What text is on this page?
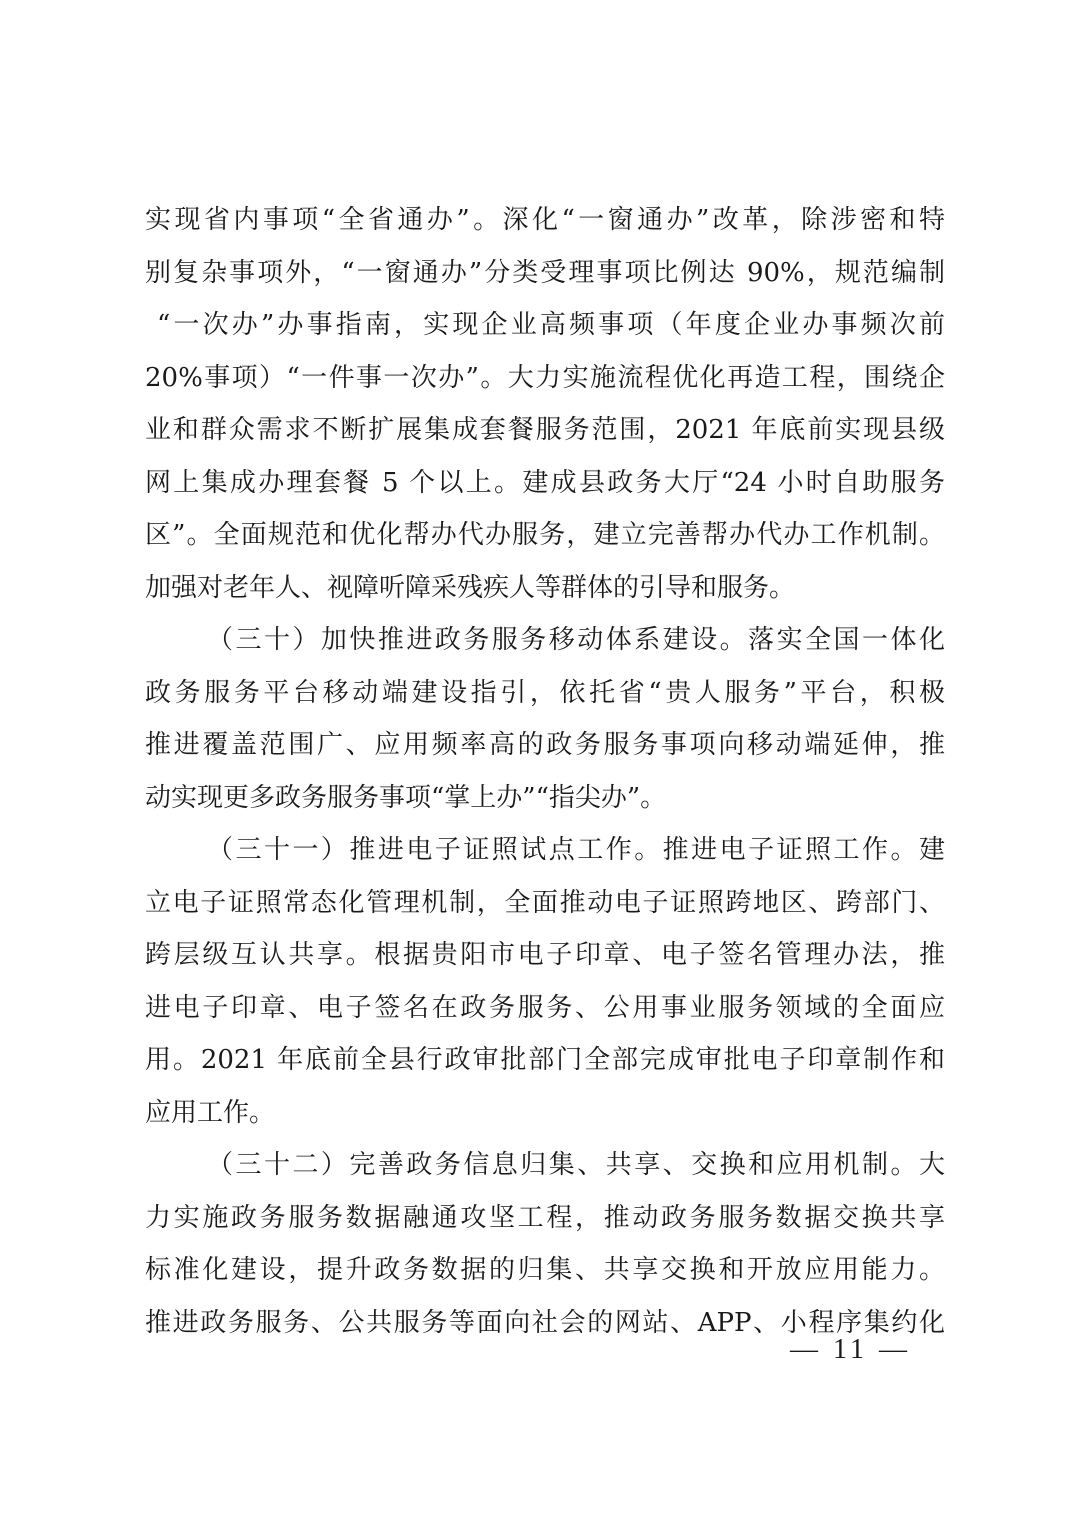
实现省内事项“全省通办”。深化“一窗通办”改革，除涉密和特
别复杂事项外，“一窗通办”分类受理事项比例达 90%，规范编制
“一次办”办事指南，实现企业高频事项（年度企业办事频次前
20%事项）“一件事一次办”。大力实施流程优化再造工程，围绕企
业和群众需求不断扩展集成套餐服务范围，2021 年底前实现县级
网上集成办理套餐 5 个以上。建成县政务大厅“24 小时自助服务
区”。全面规范和优化帮办代办服务，建立完善帮办代办工作机制。
加强对老年人、视障听障采残疾人等群体的引导和服务。
（三十）加快推进政务服务移动体系建设。落实全国一体化
政务服务平台移动端建设指引，依托省“贵人服务”平台，积极
推进覆盖范围广、应用频率高的政务服务事项向移动端延伸，推
动实现更多政务服务事项“掌上办”“指尖办”。
（三十一）推进电子证照试点工作。推进电子证照工作。建
立电子证照常态化管理机制，全面推动电子证照跨地区、跨部门、
跨层级互认共享。根据贵阳市电子印章、电子签名管理办法，推
进电子印章、电子签名在政务服务、公用事业服务领域的全面应
用。2021 年底前全县行政审批部门全部完成审批电子印章制作和
应用工作。
（三十二）完善政务信息归集、共享、交换和应用机制。大
力实施政务服务数据融通攻坚工程，推动政务服务数据交换共享
标准化建设，提升政务数据的归集、共享交换和开放应用能力。
推进政务服务、公共服务等面向社会的网站、APP、小程序集约化
— 11 —
